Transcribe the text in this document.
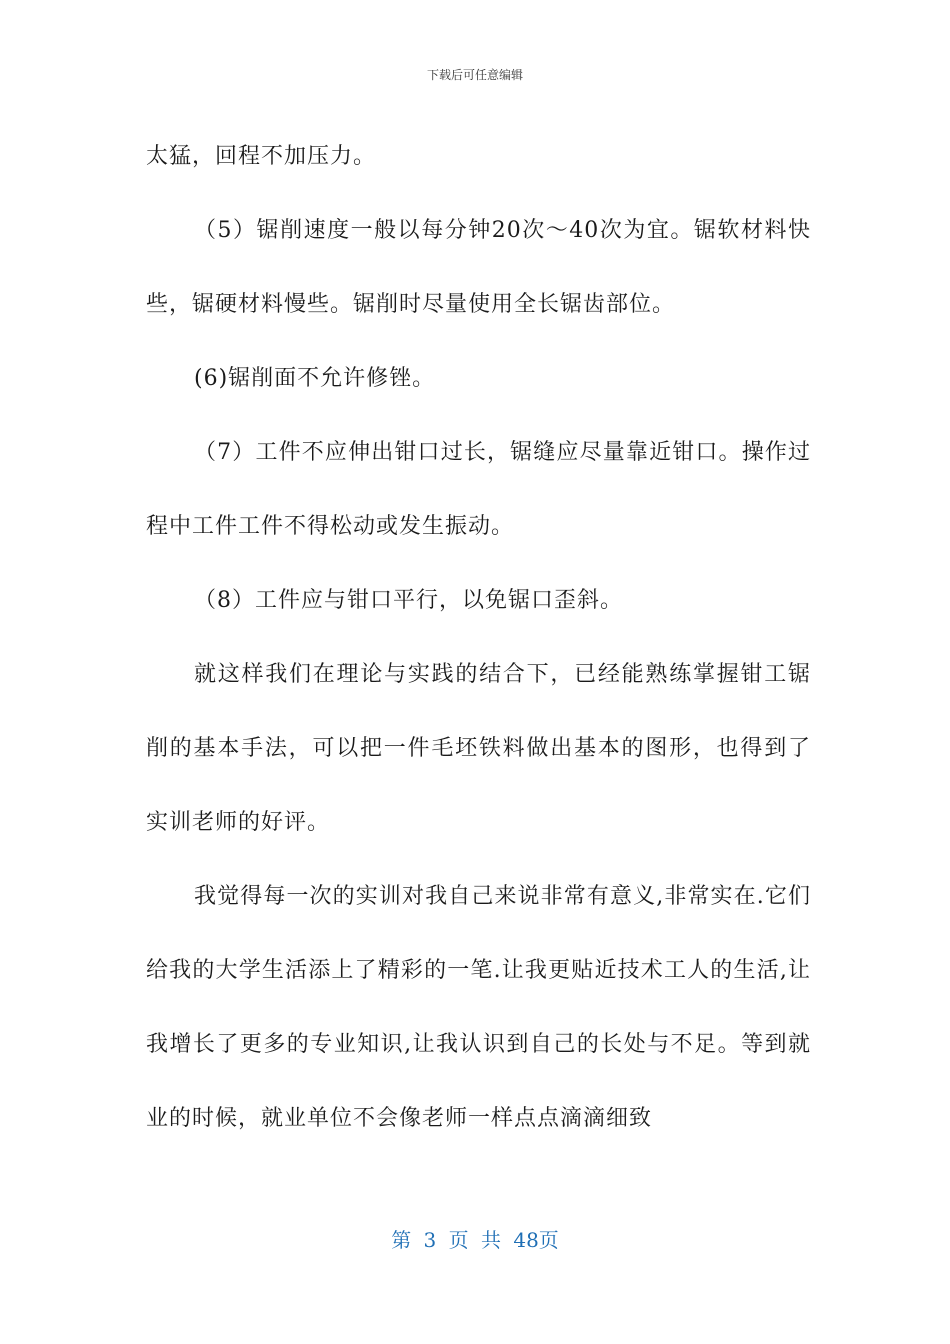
下载后可任意编辑

太猛，回程不加压力。

（5）锯削速度一般以每分钟20次～40次为宜。锯软材料快些，锯硬材料慢些。锯削时尽量使用全长锯齿部位。

(6)锯削面不允许修锉。

（7）工件不应伸出钳口过长，锯缝应尽量靠近钳口。操作过程中工件工件不得松动或发生振动。

（8）工件应与钳口平行，以免锯口歪斜。

就这样我们在理论与实践的结合下，已经能熟练掌握钳工锯削的基本手法，可以把一件毛坯铁料做出基本的图形，也得到了实训老师的好评。

我觉得每一次的实训对我自己来说非常有意义,非常实在.它们给我的大学生活添上了精彩的一笔.让我更贴近技术工人的生活,让我增长了更多的专业知识,让我认识到自己的长处与不足。等到就业的时候，就业单位不会像老师一样点点滴滴细致

第 3 页 共 48页
